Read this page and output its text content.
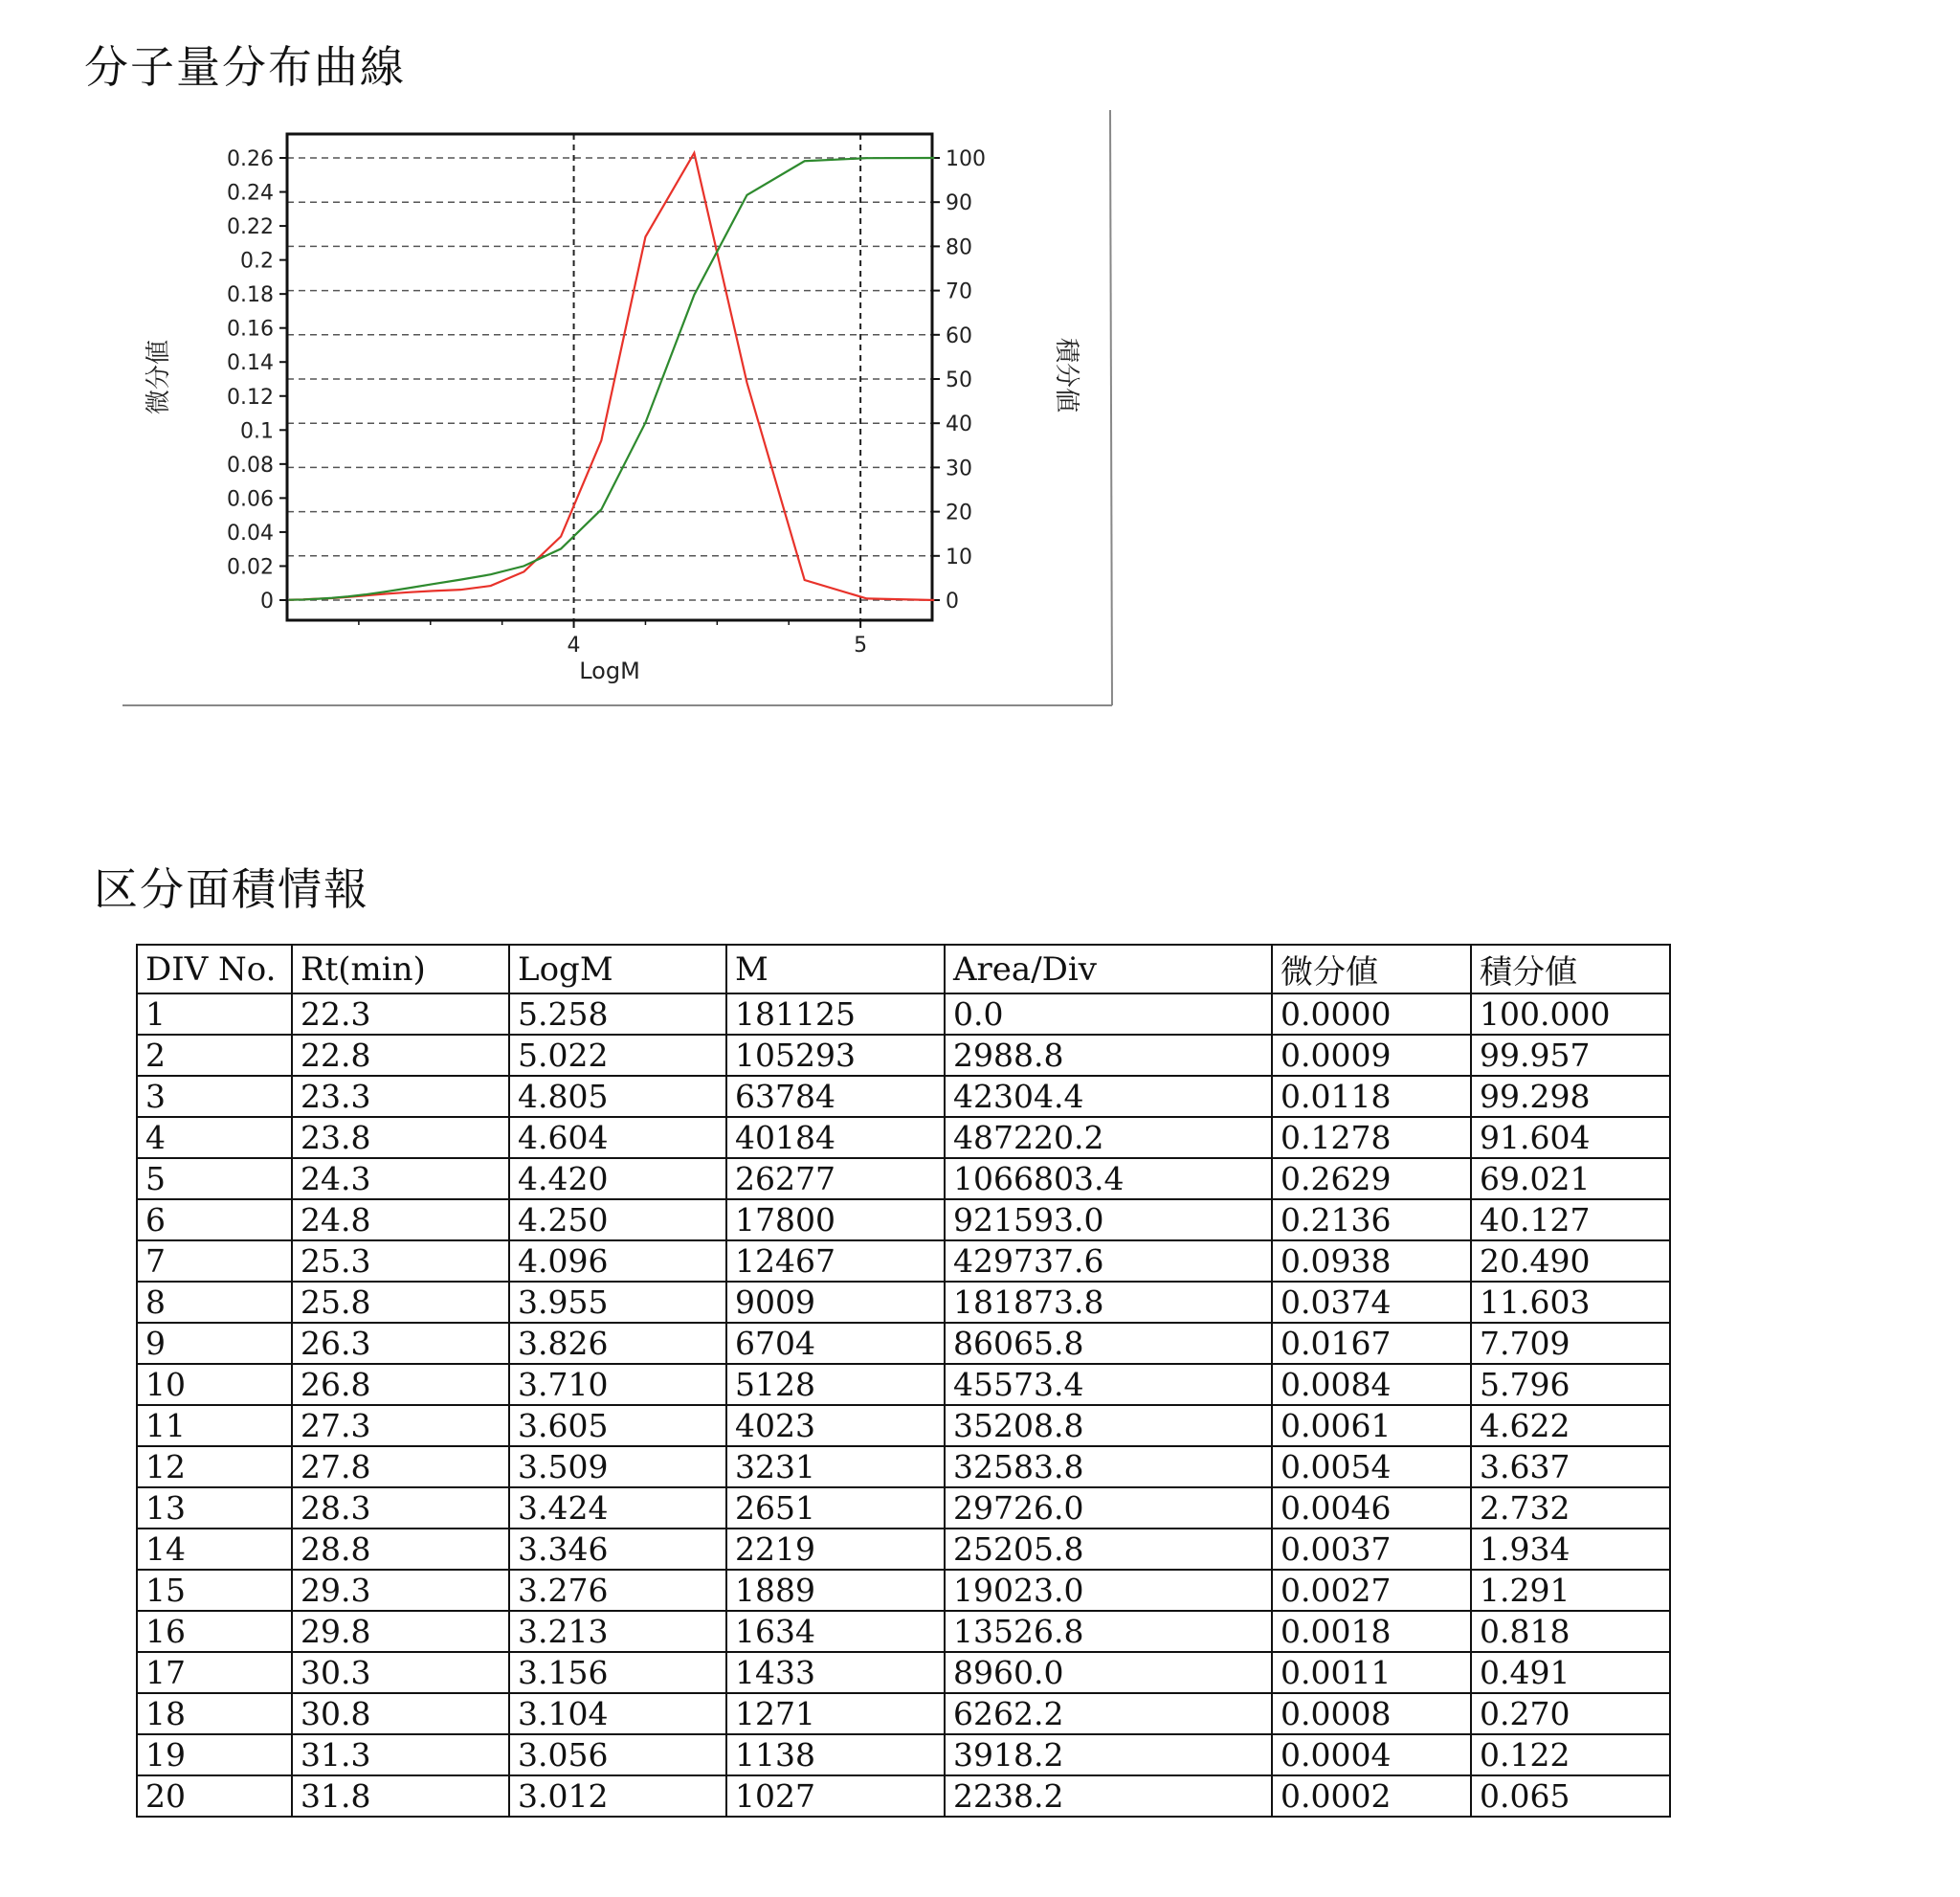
分子量分布曲線
0.26
0.24
0.22
0.2
0.18
0.16
0.14
0.12
0.1
0.08
0.06
0.04
0.02
0
100
90
80
70
60
50
40
30
20
10
0
4	5
LogM
微分値	積分値
区分面積情報
DIV No.	Rt(min)	LogM	M	Area/Div	微分値	積分値
1	22.3	5.258	181125	0.0	0.0000	100.000
2	22.8	5.022	105293	2988.8	0.0009	99.957
3	23.3	4.805	63784	42304.4	0.0118	99.298
4	23.8	4.604	40184	487220.2	0.1278	91.604
5	24.3	4.420	26277	1066803.4	0.2629	69.021
6	24.8	4.250	17800	921593.0	0.2136	40.127
7	25.3	4.096	12467	429737.6	0.0938	20.490
8	25.8	3.955	9009	181873.8	0.0374	11.603
9	26.3	3.826	6704	86065.8	0.0167	7.709
10	26.8	3.710	5128	45573.4	0.0084	5.796
11	27.3	3.605	4023	35208.8	0.0061	4.622
12	27.8	3.509	3231	32583.8	0.0054	3.637
13	28.3	3.424	2651	29726.0	0.0046	2.732
14	28.8	3.346	2219	25205.8	0.0037	1.934
15	29.3	3.276	1889	19023.0	0.0027	1.291
16	29.8	3.213	1634	13526.8	0.0018	0.818
17	30.3	3.156	1433	8960.0	0.0011	0.491
18	30.8	3.104	1271	6262.2	0.0008	0.270
19	31.3	3.056	1138	3918.2	0.0004	0.122
20	31.8	3.012	1027	2238.2	0.0002	0.065
